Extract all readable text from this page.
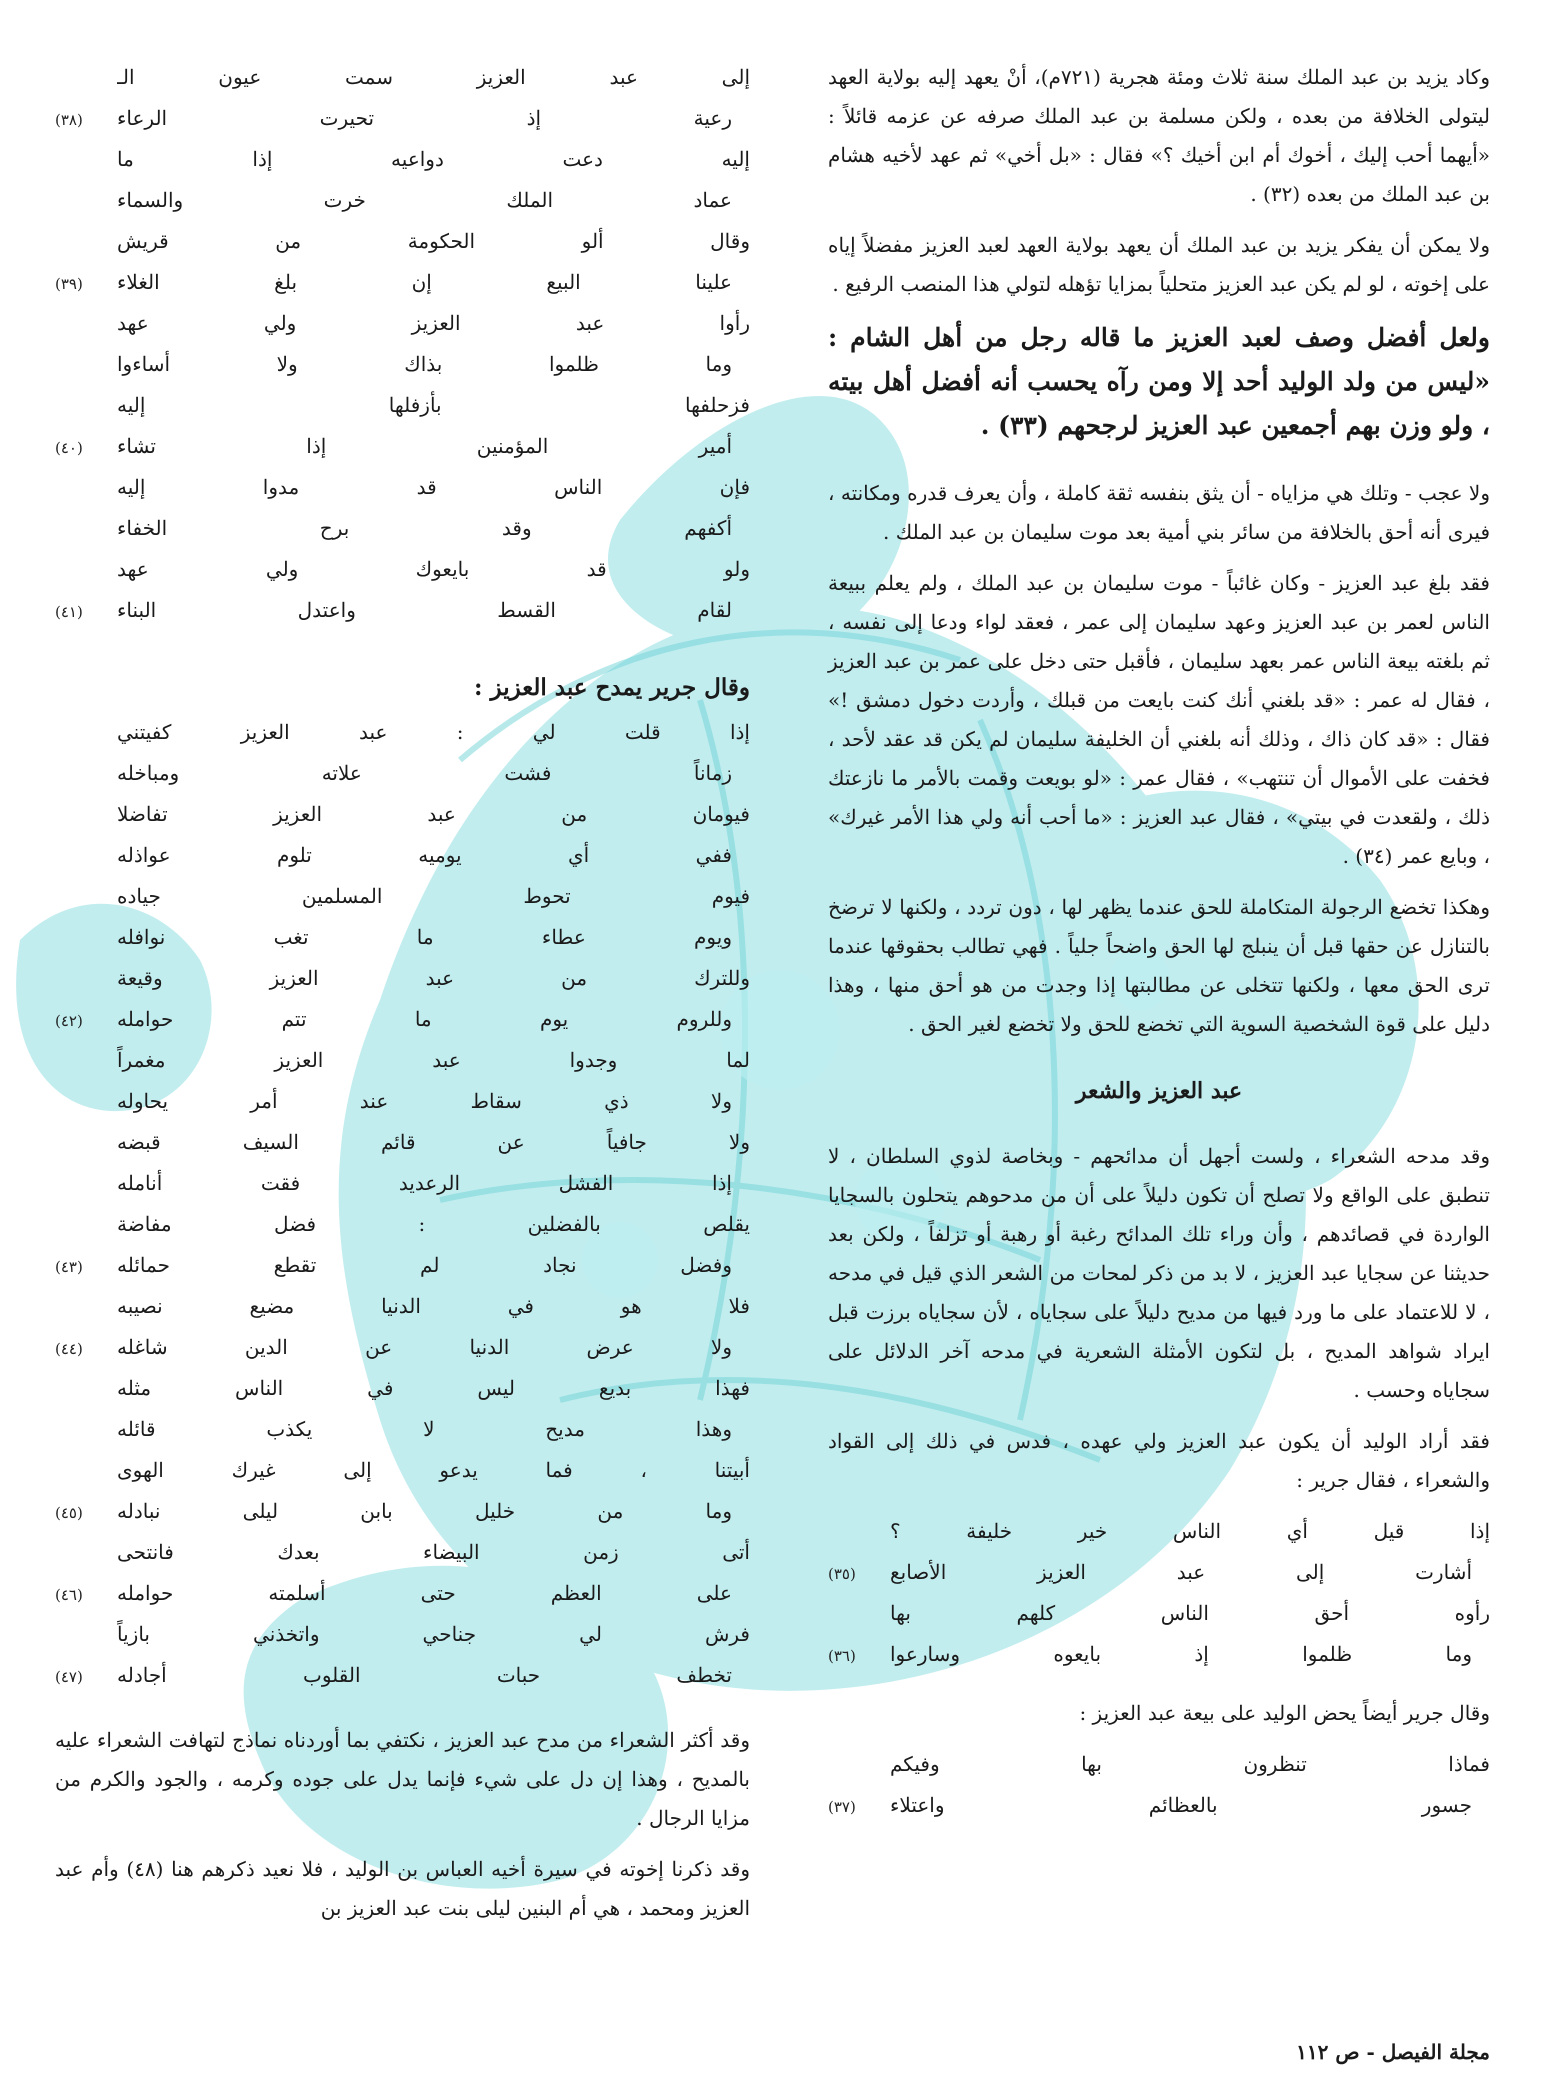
وكاد يزيد بن عبد الملك سنة ثلاث ومئة هجرية (٧٢١م)، أنْ يعهد إليه بولاية العهد ليتولى الخلافة من بعده ، ولكن مسلمة بن عبد الملك صرفه عن عزمه قائلاً : «أيهما أحب إليك ، أخوك أم ابن أخيك ؟» فقال : «بل أخي» ثم عهد لأخيه هشام بن عبد الملك من بعده (٣٢) .

ولا يمكن أن يفكر يزيد بن عبد الملك أن يعهد بولاية العهد لعبد العزيز مفضلاً إياه على إخوته ، لو لم يكن عبد العزيز متحلياً بمزايا تؤهله لتولي هذا المنصب الرفيع .

ولعل أفضل وصف لعبد العزيز ما قاله رجل من أهل الشام : «ليس من ولد الوليد أحد إلا ومن رآه يحسب أنه أفضل أهل بيته ، ولو وزن بهم أجمعين عبد العزيز لرجحهم (٣٣) .

ولا عجب - وتلك هي مزاياه - أن يثق بنفسه ثقة كاملة ، وأن يعرف قدره ومكانته ، فيرى أنه أحق بالخلافة من سائر بني أمية بعد موت سليمان بن عبد الملك .

فقد بلغ عبد العزيز - وكان غائباً - موت سليمان بن عبد الملك ، ولم يعلم ببيعة الناس لعمر بن عبد العزيز وعهد سليمان إلى عمر ، فعقد لواء ودعا إلى نفسه ، ثم بلغته بيعة الناس عمر بعهد سليمان ، فأقبل حتى دخل على عمر بن عبد العزيز ، فقال له عمر : «قد بلغني أنك كنت بايعت من قبلك ، وأردت دخول دمشق !» فقال : «قد كان ذاك ، وذلك أنه بلغني أن الخليفة سليمان لم يكن قد عقد لأحد ، فخفت على الأموال أن تنتهب» ، فقال عمر : «لو بويعت وقمت بالأمر ما نازعتك ذلك ، ولقعدت في بيتي» ، فقال عبد العزيز : «ما أحب أنه ولي هذا الأمر غيرك» ، وبايع عمر (٣٤) .

وهكذا تخضع الرجولة المتكاملة للحق عندما يظهر لها ، دون تردد ، ولكنها لا ترضخ بالتنازل عن حقها قبل أن ينبلج لها الحق واضحاً جلياً . فهي تطالب بحقوقها عندما ترى الحق معها ، ولكنها تتخلى عن مطالبتها إذا وجدت من هو أحق منها ، وهذا دليل على قوة الشخصية السوية التي تخضع للحق ولا تخضع لغير الحق .

عبد العزيز والشعر

وقد مدحه الشعراء ، ولست أجهل أن مدائحهم - وبخاصة لذوي السلطان ، لا تنطبق على الواقع ولا تصلح أن تكون دليلاً على أن من مدحوهم يتحلون بالسجايا الواردة في قصائدهم ، وأن وراء تلك المدائح رغبة أو رهبة أو تزلفاً ، ولكن بعد حديثنا عن سجايا عبد العزيز ، لا بد من ذكر لمحات من الشعر الذي قيل في مدحه ، لا للاعتماد على ما ورد فيها من مديح دليلاً على سجاياه ، لأن سجاياه برزت قبل ايراد شواهد المديح ، بل لتكون الأمثلة الشعرية في مدحه آخر الدلائل على سجاياه وحسب .

فقد أراد الوليد أن يكون عبد العزيز ولي عهده ، فدس في ذلك إلى القواد والشعراء ، فقال جرير :

إذا قيل أي الناس خير خليفة ؟
أشارت إلى عبد العزيز الأصابع
(٣٥)
رأوه أحق الناس كلهم بها
وما ظلموا إذ بايعوه وسارعوا
(٣٦)

وقال جرير أيضاً يحض الوليد على بيعة عبد العزيز :

فماذا تنظرون بها وفيكم
جسور بالعظائم واعتلاء
(٣٧)
إلى عبد العزيز سمت عيون الـ
رعية إذ تحيرت الرعاء
(٣٨)
إليه دعت دواعيه إذا ما
عماد الملك خرت والسماء
وقال ألو الحكومة من قريش
علينا البيع إن بلغ الغلاء
(٣٩)
رأوا عبد العزيز ولي عهد
وما ظلموا بذاك ولا أساءوا
فزحلفها بأزفلها إليه
أمير المؤمنين إذا تشاء
(٤٠)
فإن الناس قد مدوا إليه
أكفهم وقد برح الخفاء
ولو قد بايعوك ولي عهد
لقام القسط واعتدل البناء
(٤١)
وقال جرير يمدح عبد العزيز :
إذا قلت لي : عبد العزيز كفيتني
زماناً فشت علاته ومباخله
فيومان من عبد العزيز تفاضلا
ففي أي يوميه تلوم عواذله
فيوم تحوط المسلمين جياده
ويوم عطاء ما تغب نوافله
وللترك من عبد العزيز وقيعة
وللروم يوم ما تتم حوامله
(٤٢)
لما وجدوا عبد العزيز مغمراً
ولا ذي سقاط عند أمر يحاوله
ولا جافياً عن قائم السيف قبضه
إذا الفشل الرعديد فقت أنامله
يقلص بالفضلين : فضل مفاضة
وفضل نجاد لم تقطع حمائله
(٤٣)
فلا هو في الدنيا مضيع نصيبه
ولا عرض الدنيا عن الدين شاغله
(٤٤)
فهذا بديع ليس في الناس مثله
وهذا مديح لا يكذب قائله
أبيتنا ، فما يدعو إلى غيرك الهوى
وما من خليل بابن ليلى نبادله
(٤٥)
أتى زمن البيضاء بعدك فانتحى
على العظم حتى أسلمته حوامله
(٤٦)
فرش لي جناحي واتخذني بازياً
تخطف حبات القلوب أجادله
(٤٧)

وقد أكثر الشعراء من مدح عبد العزيز ، نكتفي بما أوردناه نماذج لتهافت الشعراء عليه بالمديح ، وهذا إن دل على شيء فإنما يدل على جوده وكرمه ، والجود والكرم من مزايا الرجال .

وقد ذكرنا إخوته في سيرة أخيه العباس بن الوليد ، فلا نعيد ذكرهم هنا (٤٨) وأم عبد العزيز ومحمد ، هي أم البنين ليلى بنت عبد العزيز بن

مجلة الفيصل - ص ١١٢
